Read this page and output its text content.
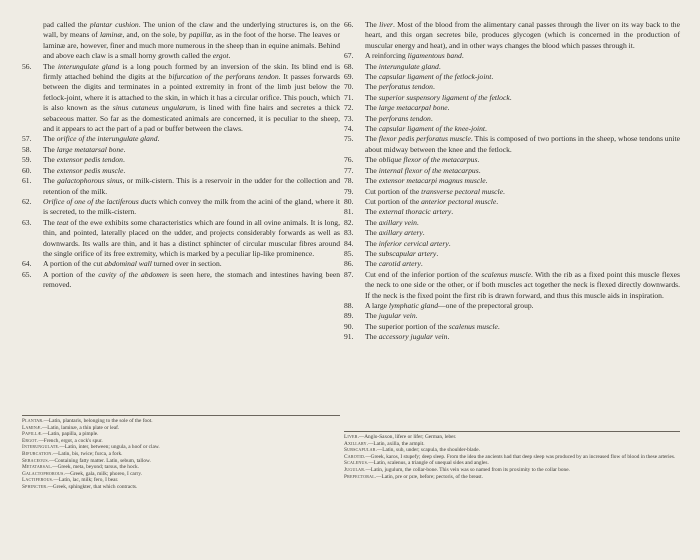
pad called the plantar cushion. The union of the claw and the underlying structures is, on the wall, by means of laminæ, and, on the sole, by papillæ, as in the foot of the horse. The leaves or laminæ are, however, finer and much more numerous in the sheep than in equine animals. Behind and above each claw is a small horny growth called the ergot.

56.	The interungulate gland is a long pouch formed by an inversion of the skin. Its blind end is firmly attached behind the digits at the bifurcation of the perforans tendon. It passes forwards between the digits and terminates in a pointed extremity in front of the limb just below the fetlock-joint, where it is attached to the skin, in which it has a circular orifice. This pouch, which is also known as the sinus cutaneus ungularum, is lined with fine hairs and secretes a thick sebaceous matter. So far as the domesticated animals are concerned, it is peculiar to the sheep, and it appears to act the part of a pad or buffer between the claws.

57.	The orifice of the interungulate gland.

58.	The large metatarsal bone.

59.	The extensor pedis tendon.

60.	The extensor pedis muscle.

61.	The galactophorous sinus, or milk-cistern. This is a reservoir in the udder for the collection and retention of the milk.

62.	Orifice of one of the lactiferous ducts which convey the milk from the acini of the gland, where it is secreted, to the milk-cistern.

63.	The teat of the ewe exhibits some characteristics which are found in all ovine animals. It is long, thin, and pointed, laterally placed on the udder, and projects considerably forwards as well as downwards. Its walls are thin, and it has a distinct sphincter of circular muscular fibres around the single orifice of its free extremity, which is marked by a peculiar lip-like prominence.

64.	A portion of the cut abdominal wall turned over in section.

65.	A portion of the cavity of the abdomen is seen here, the stomach and intestines having been removed.

66.	The liver. Most of the blood from the alimentary canal passes through the liver on its way back to the heart, and this organ secretes bile, produces glycogen (which is concerned in the production of muscular energy and heat), and in other ways changes the blood which passes through it.

67.	A reinforcing ligamentous band.

68.	The interungulate gland.

69.	The capsular ligament of the fetlock-joint.

70.	The perforatus tendon.

71.	The superior suspensory ligament of the fetlock.

72.	The large metacarpal bone.

73.	The perforans tendon.

74.	The capsular ligament of the knee-joint.

75.	The flexor pedis perforatus muscle. This is composed of two portions in the sheep, whose tendons unite about midway between the knee and the fetlock.

76.	The oblique flexor of the metacarpus.

77.	The internal flexor of the metacarpus.

78.	The extensor metacarpi magnus muscle.

79.	Cut portion of the transverse pectoral muscle.

80.	Cut portion of the anterior pectoral muscle.

81.	The external thoracic artery.

82.	The axillary vein.

83.	The axillary artery.

84.	The inferior cervical artery.

85.	The subscapular artery.

86.	The carotid artery.

87.	Cut end of the inferior portion of the scalenus muscle. With the rib as a fixed point this muscle flexes the neck to one side or the other, or if both muscles act together the neck is flexed directly downwards. If the neck is the fixed point the first rib is drawn forward, and thus this muscle aids in inspiration.

88.	A large lymphatic gland—one of the prepectoral group.

89.	The jugular vein.

90.	The superior portion of the scalenus muscle.

91.	The accessory jugular vein.

Plantar.—Latin, plantaris, belonging to the sole of the foot.
Laminæ.—Latin, laminæ, a thin plate or leaf.
Papillæ.—Latin, papilla, a pimple.
Ergot.—French, ergot, a cock's spur.
Interungulate.—Latin, inter, between; ungula, a hoof or claw.
Bifurcation.—Latin, bis, twice; furca, a fork.
Sebaceous.—Containing fatty matter. Latin, sebum, tallow.
Metatarsal.—Greek, meta, beyond; tarsus, the hock.
Galactophorous.—Greek, gala, milk; phoreo, I carry.
Lactiferous.—Latin, lac, milk; fero, I bear.
Sphincter.—Greek, sphingkter, that which contracts.
Liver.—Anglo-Saxon, lifere or lifer; German, leber.
Axillary.—Latin, axilla, the armpit.
Subscapular.—Latin, sub, under; scapula, the shoulder-blade.
Carotid.—Greek, karos, I stupefy; deep sleep. From the idea the ancients had that deep sleep was produced by an increased flow of blood in these arteries.
Scalenus.—Latin, scalenus, a triangle of unequal sides and angles.
Jugular.—Latin, jugulum, the collar-bone. This vein was so named from its proximity to the collar bone.
Prepectoral.—Latin, pre or præ, before; pectoris, of the breast.
